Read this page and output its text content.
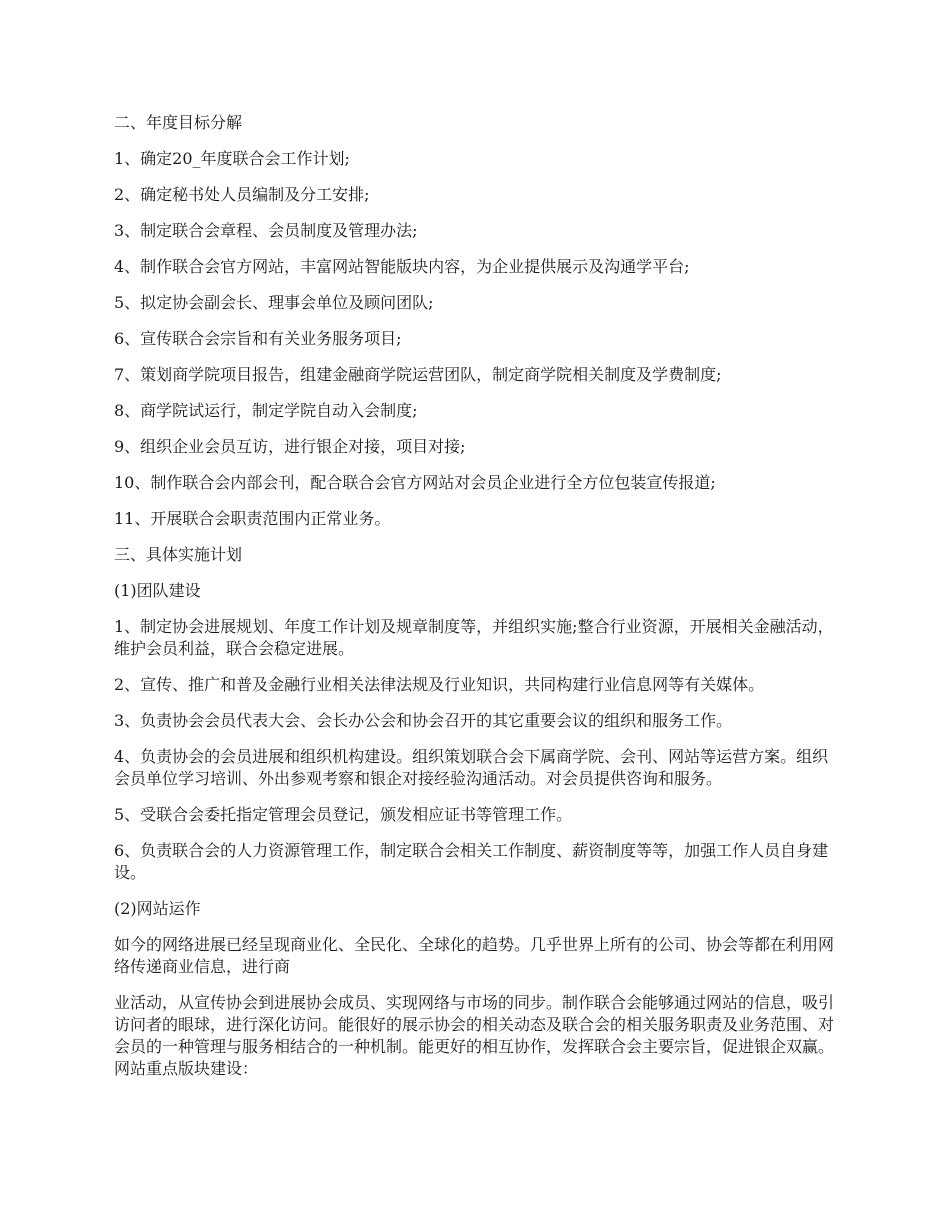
二、年度目标分解

1、确定20_年度联合会工作计划;

2、确定秘书处人员编制及分工安排;

3、制定联合会章程、会员制度及管理办法;

4、制作联合会官方网站，丰富网站智能版块内容，为企业提供展示及沟通学平台;

5、拟定协会副会长、理事会单位及顾问团队;

6、宣传联合会宗旨和有关业务服务项目;

7、策划商学院项目报告，组建金融商学院运营团队，制定商学院相关制度及学费制度;

8、商学院试运行，制定学院自动入会制度;

9、组织企业会员互访，进行银企对接，项目对接;

10、制作联合会内部会刊，配合联合会官方网站对会员企业进行全方位包装宣传报道;

11、开展联合会职责范围内正常业务。

三、具体实施计划

(1)团队建设

1、制定协会进展规划、年度工作计划及规章制度等，并组织实施;整合行业资源，开展相关金融活动，维护会员利益，联合会稳定进展。

2、宣传、推广和普及金融行业相关法律法规及行业知识，共同构建行业信息网等有关媒体。

3、负责协会会员代表大会、会长办公会和协会召开的其它重要会议的组织和服务工作。

4、负责协会的会员进展和组织机构建设。组织策划联合会下属商学院、会刊、网站等运营方案。组织会员单位学习培训、外出参观考察和银企对接经验沟通活动。对会员提供咨询和服务。

5、受联合会委托指定管理会员登记，颁发相应证书等管理工作。

6、负责联合会的人力资源管理工作，制定联合会相关工作制度、薪资制度等等，加强工作人员自身建设。

(2)网站运作

如今的网络进展已经呈现商业化、全民化、全球化的趋势。几乎世界上所有的公司、协会等都在利用网络传递商业信息，进行商

业活动，从宣传协会到进展协会成员、实现网络与市场的同步。制作联合会能够通过网站的信息，吸引访问者的眼球，进行深化访问。能很好的展示协会的相关动态及联合会的相关服务职责及业务范围、对会员的一种管理与服务相结合的一种机制。能更好的相互协作，发挥联合会主要宗旨，促进银企双赢。网站重点版块建设：
